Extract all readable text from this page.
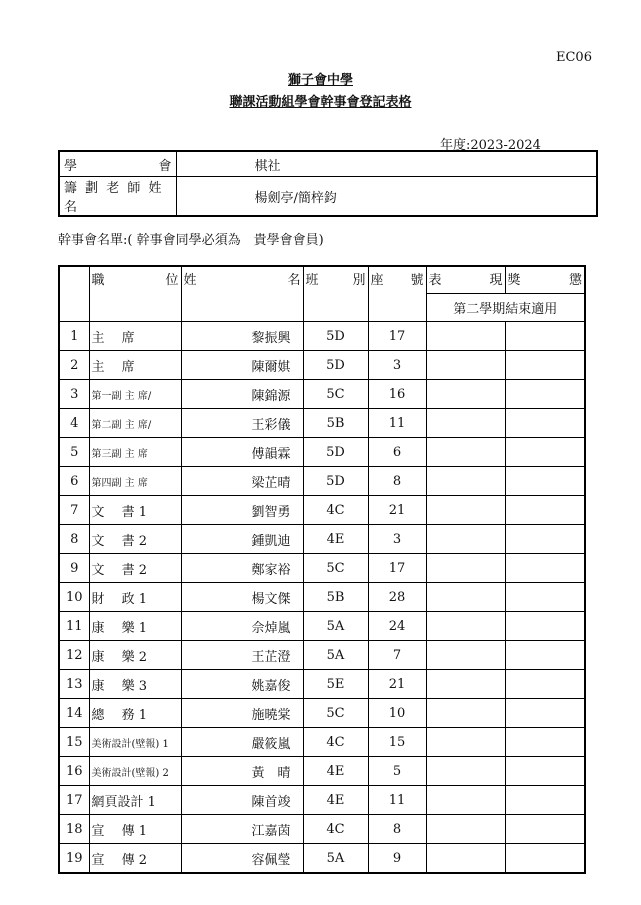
EC06
獅子會中學
聯課活動組學會幹事會登記表格
年度:2023-2024
學 會	棋社
籌 劃 老 師 姓 名	楊劍亭/簡梓鈞
幹事會名單:( 幹事會同學必須為　貴學會會員)

	職 位	姓 名	班 別	座 號	表 現	獎 懲

					第二學期結束適用	
1	主　 席	黎振興	5D	17		
2	主　 席	陳爾娸	5D	3		
3	第一副 主 席/	陳錦源	5C	16		
4	第二副 主 席/	王彩儀	5B	11		
5	第三副 主 席	傅韻霖	5D	6		
6	第四副 主 席	梁芷晴	5D	8		
7	文　 書 1	劉智勇	4C	21		
8	文　 書 2	鍾凱迪	4E	3		
9	文　 書 2	鄭家裕	5C	17		
10	財　 政 1	楊文傑	5B	28		
11	康　 樂 1	佘焯嵐	5A	24		
12	康　 樂 2	王芷澄	5A	7		
13	康　 樂 3	姚嘉俊	5E	21		
14	總　 務 1	施曉棠	5C	10		
15	美術設計(壁報) 1	嚴筱嵐	4C	15		
16	美術設計(壁報) 2	黃　晴	4E	5		
17	網頁設計 1	陳首竣	4E	11		
18	宣　 傳 1	江嘉茵	4C	8		
19	宣　 傳 2	容佩瑩	5A	9		
